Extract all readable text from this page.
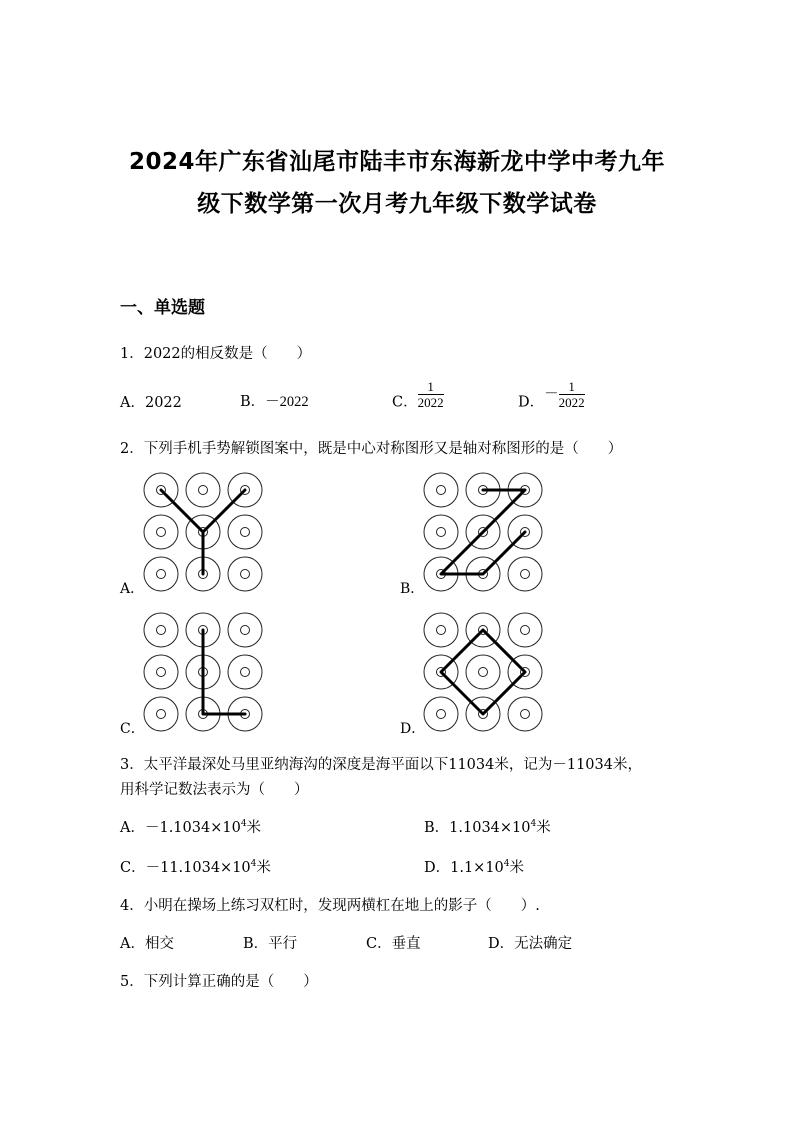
2024年广东省汕尾市陆丰市东海新龙中学中考九年
级下数学第一次月考九年级下数学试卷
一、单选题
1．2022的相反数是（　　）
A．2022	B．－2022	C． $\frac{1}{2022}$	D．－ $\frac{1}{2022}$
2．下列手机手势解锁图案中，既是中心对称图形又是轴对称图形的是（　　）
A．	B．
C．	D．
3．太平洋最深处马里亚纳海沟的深度是海平面以下11034米，记为－11034米，
用科学记数法表示为（　　）
A．$-1.1034\times 10^4$米	B．$1.1034\times 10^4$米
C．$-11.1034\times 10^4$米	D．$1.1\times 10^4$米
4．小明在操场上练习双杠时，发现两横杠在地上的影子（　　）.
A．相交	B．平行	C．垂直	D．无法确定
5．下列计算正确的是（　　）
